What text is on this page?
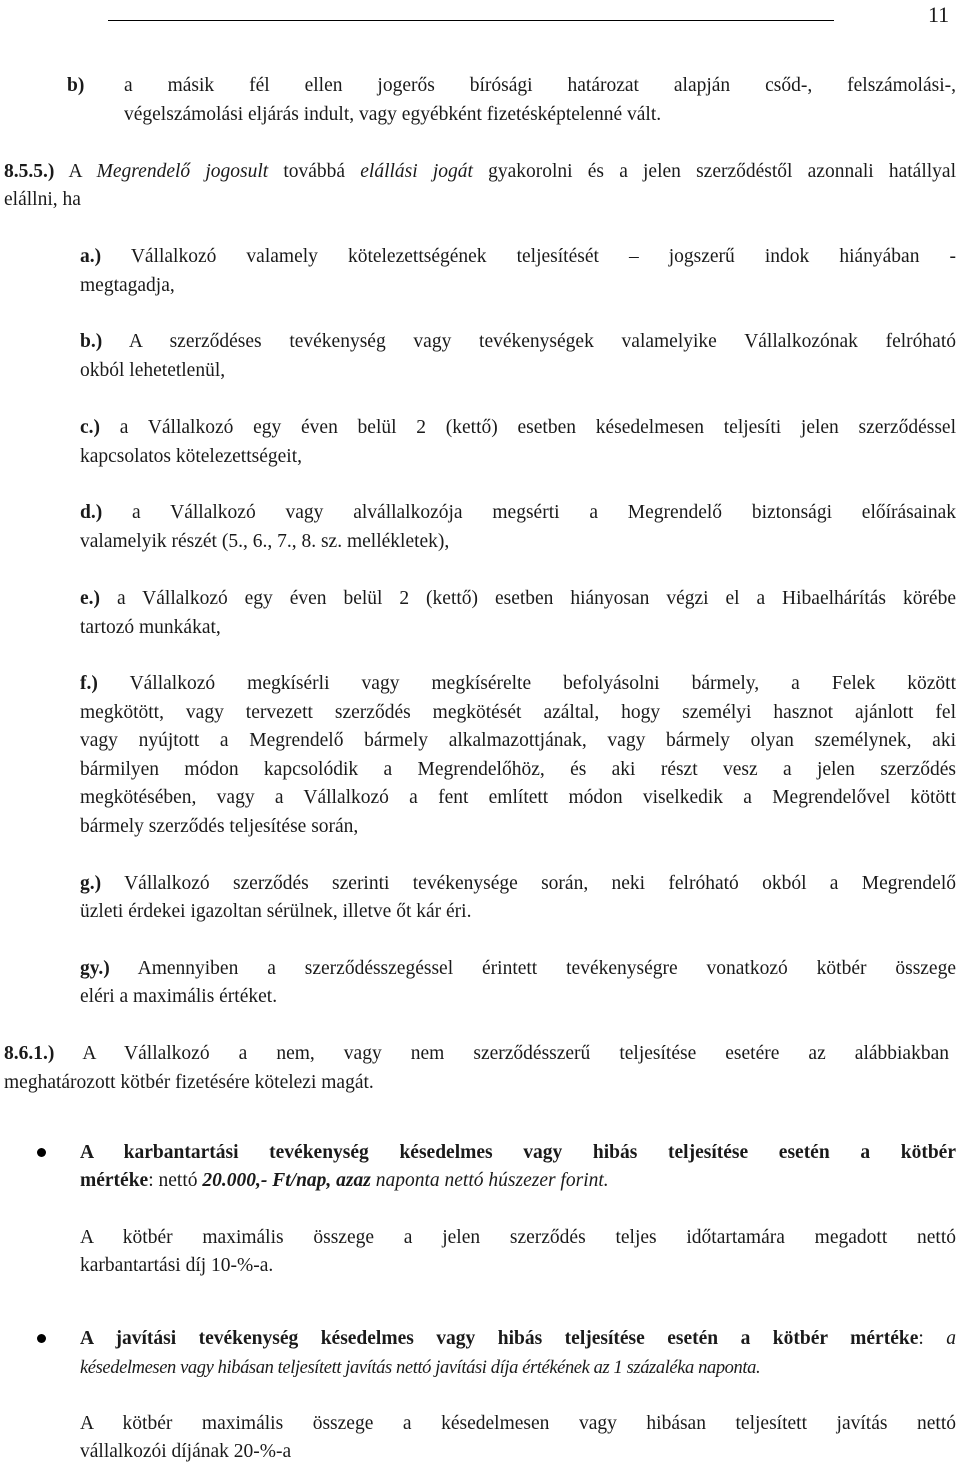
11
b) a másik fél ellen jogerős bírósági határozat alapján csőd-, felszámolási-,
végelszámolási eljárás indult, vagy egyébként fizetésképtelenné vált.
8.5.5.) A Megrendelő jogosult továbbá elállási jogát gyakorolni és a jelen szerződéstől azonnali hatállyal
elállni, ha
a.) Vállalkozó valamely kötelezettségének teljesítését – jogszerű indok hiányában -
megtagadja,
b.) A szerződéses tevékenység vagy tevékenységek valamelyike Vállalkozónak felróható
okból lehetetlenül,
c.) a Vállalkozó egy éven belül 2 (kettő) esetben késedelmesen teljesíti jelen szerződéssel
kapcsolatos kötelezettségeit,
d.) a Vállalkozó vagy alvállalkozója megsérti a Megrendelő biztonsági előírásainak
valamelyik részét (5., 6., 7., 8. sz. mellékletek),
e.) a Vállalkozó egy éven belül 2 (kettő) esetben hiányosan végzi el a Hibaelhárítás körébe
tartozó munkákat,
f.) Vállalkozó megkísérli vagy megkísérelte befolyásolni bármely, a Felek között
megkötött, vagy tervezett szerződés megkötését azáltal, hogy személyi hasznot ajánlott fel
vagy nyújtott a Megrendelő bármely alkalmazottjának, vagy bármely olyan személynek, aki
bármilyen módon kapcsolódik a Megrendelőhöz, és aki részt vesz a jelen szerződés
megkötésében, vagy a Vállalkozó a fent említett módon viselkedik a Megrendelővel kötött
bármely szerződés teljesítése során,
g.) Vállalkozó szerződés szerinti tevékenysége során, neki felróható okból a Megrendelő
üzleti érdekei igazoltan sérülnek, illetve őt kár éri.
gy.) Amennyiben a szerződésszegéssel érintett tevékenységre vonatkozó kötbér összege
eléri a maximális értéket.
8.6.1.) A Vállalkozó a nem, vagy nem szerződésszerű teljesítése esetére az alábbiakban
meghatározott kötbér fizetésére kötelezi magát.
A karbantartási tevékenység késedelmes vagy hibás teljesítése esetén a kötbér
mértéke: nettó 20.000,- Ft/nap, azaz naponta nettó húszezer forint.
A kötbér maximális összege a jelen szerződés teljes időtartamára megadott nettó
karbantartási díj 10-%-a.
A javítási tevékenység késedelmes vagy hibás teljesítése esetén a kötbér mértéke: a
késedelmesen vagy hibásan teljesített javítás nettó javítási díja értékének az 1 százaléka naponta.
A kötbér maximális összege a késedelmesen vagy hibásan teljesített javítás nettó
vállalkozói díjának 20-%-a
